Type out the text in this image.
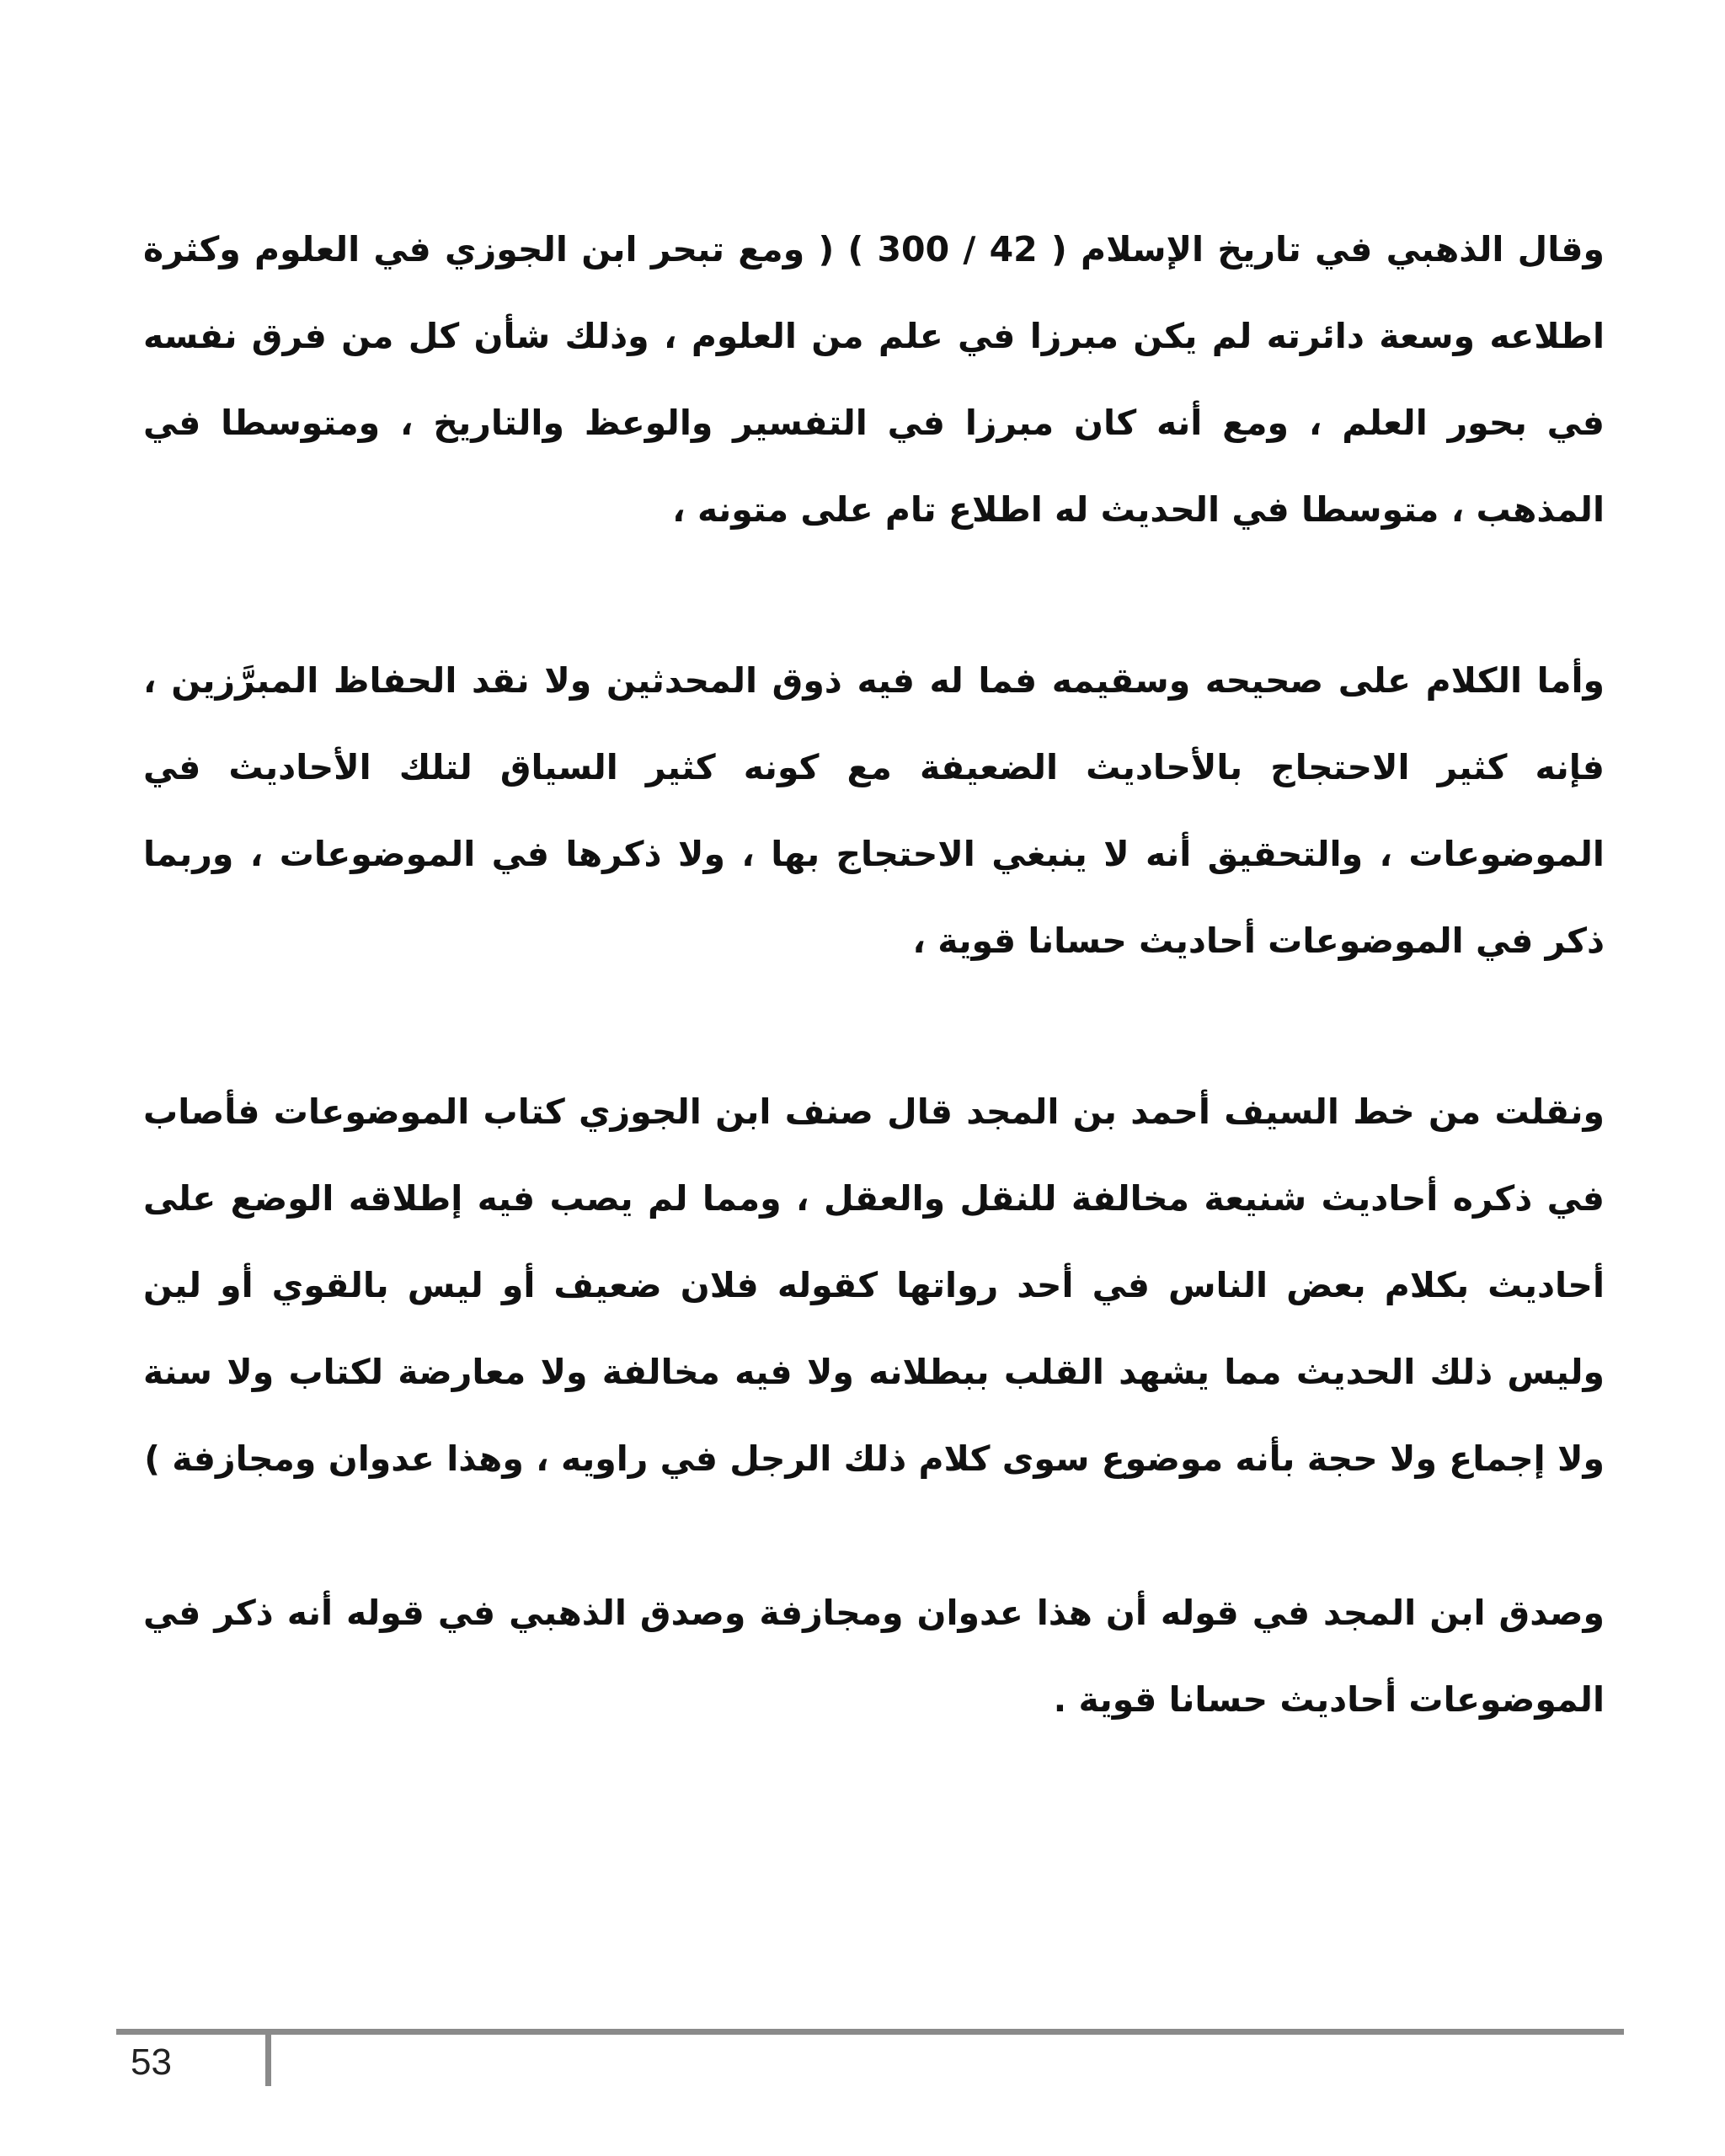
وقال الذهبي في تاريخ الإسلام ( 42 / 300 ) ( ومع تبحر ابن الجوزي في العلوم وكثرة اطلاعه وسعة دائرته لم يكن مبرزا في علم من العلوم ، وذلك شأن كل من فرق نفسه في بحور العلم ، ومع أنه كان مبرزا في التفسير والوعظ والتاريخ ، ومتوسطا في المذهب ، متوسطا في الحديث له اطلاع تام على متونه ،

وأما الكلام على صحيحه وسقيمه فما له فيه ذوق المحدثين ولا نقد الحفاظ المبرَّزين ، فإنه كثير الاحتجاج بالأحاديث الضعيفة مع كونه كثير السياق لتلك الأحاديث في الموضوعات ، والتحقيق أنه لا ينبغي الاحتجاج بها ، ولا ذكرها في الموضوعات ، وربما ذكر في الموضوعات أحاديث حسانا قوية ،

ونقلت من خط السيف أحمد بن المجد قال صنف ابن الجوزي كتاب الموضوعات فأصاب في ذكره أحاديث شنيعة مخالفة للنقل والعقل ، ومما لم يصب فيه إطلاقه الوضع على أحاديث بكلام بعض الناس في أحد رواتها كقوله فلان ضعيف أو ليس بالقوي أو لين وليس ذلك الحديث مما يشهد القلب ببطلانه ولا فيه مخالفة ولا معارضة لكتاب ولا سنة ولا إجماع ولا حجة بأنه موضوع سوى كلام ذلك الرجل في راويه ، وهذا عدوان ومجازفة )

وصدق ابن المجد في قوله أن هذا عدوان ومجازفة وصدق الذهبي في قوله أنه ذكر في الموضوعات أحاديث حسانا قوية .

53
